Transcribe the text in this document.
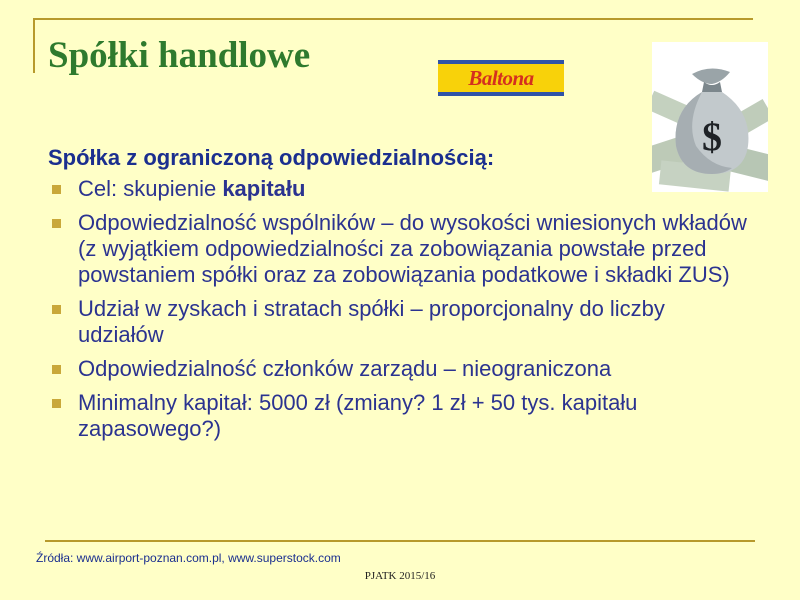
Spółki handlowe
Baltona
$
Spółka z ograniczoną odpowiedzialnością:
Cel: skupienie kapitału
Odpowiedzialność wspólników – do wysokości wniesionych wkładów (z wyjątkiem odpowiedzialności za zobowiązania powstałe przed powstaniem spółki oraz za zobowiązania podatkowe i składki ZUS)
Udział w zyskach i stratach spółki – proporcjonalny do liczby udziałów
Odpowiedzialność członków zarządu – nieograniczona
Minimalny kapitał: 5000 zł (zmiany? 1 zł + 50 tys. kapitału zapasowego?)
Źródła: www.airport-poznan.com.pl, www.superstock.com
PJATK 2015/16
